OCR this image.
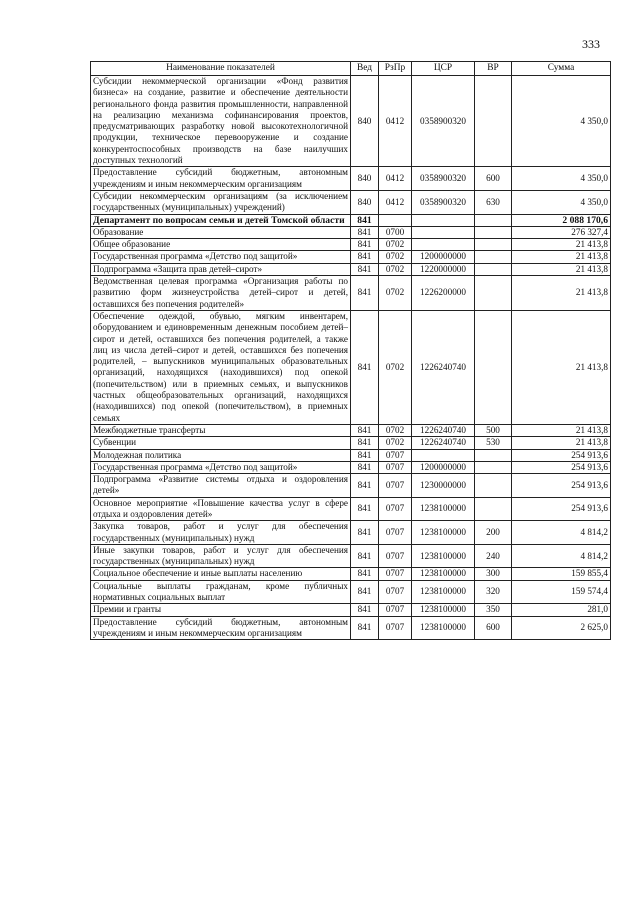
333
Наименование показателей	Вед	РзПр	ЦСР	ВР	Сумма
Субсидии некоммерческой организации «Фонд развития бизнеса» на создание, развитие и обеспечение деятельности регионального фонда развития промышленности, направленной на реализацию механизма софинансирования проектов, предусматривающих разработку новой высокотехнологичной продукции, техническое перевооружение и создание конкурентоспособных производств на базе наилучших доступных технологий	840	0412	0358900320		4 350,0
Предоставление субсидий бюджетным, автономным учреждениям и иным некоммерческим организациям	840	0412	0358900320	600	4 350,0
Субсидии некоммерческим организациям (за исключением государственных (муниципальных) учреждений)	840	0412	0358900320	630	4 350,0
Департамент по вопросам семьи и детей Томской области	841				2 088 170,6
Образование	841	0700			276 327,4
Общее образование	841	0702			21 413,8
Государственная программа «Детство под защитой»	841	0702	1200000000		21 413,8
Подпрограмма «Защита прав детей–сирот»	841	0702	1220000000		21 413,8
Ведомственная целевая программа «Организация работы по развитию форм жизнеустройства детей–сирот и детей, оставшихся без попечения родителей»	841	0702	1226200000		21 413,8
Обеспечение одеждой, обувью, мягким инвентарем, оборудованием и единовременным денежным пособием детей–сирот и детей, оставшихся без попечения родителей, а также лиц из числа детей–сирот и детей, оставшихся без попечения родителей, – выпускников муниципальных образовательных организаций, находящихся (находившихся) под опекой (попечительством) или в приемных семьях, и выпускников частных общеобразовательных организаций, находящихся (находившихся) под опекой (попечительством), в приемных семьях	841	0702	1226240740		21 413,8
Межбюджетные трансферты	841	0702	1226240740	500	21 413,8
Субвенции	841	0702	1226240740	530	21 413,8
Молодежная политика	841	0707			254 913,6
Государственная программа «Детство под защитой»	841	0707	1200000000		254 913,6
Подпрограмма «Развитие системы отдыха и оздоровления детей»	841	0707	1230000000		254 913,6
Основное мероприятие «Повышение качества услуг в сфере отдыха и оздоровления детей»	841	0707	1238100000		254 913,6
Закупка товаров, работ и услуг для обеспечения государственных (муниципальных) нужд	841	0707	1238100000	200	4 814,2
Иные закупки товаров, работ и услуг для обеспечения государственных (муниципальных) нужд	841	0707	1238100000	240	4 814,2
Социальное обеспечение и иные выплаты населению	841	0707	1238100000	300	159 855,4
Социальные выплаты гражданам, кроме публичных нормативных социальных выплат	841	0707	1238100000	320	159 574,4
Премии и гранты	841	0707	1238100000	350	281,0
Предоставление субсидий бюджетным, автономным учреждениям и иным некоммерческим организациям	841	0707	1238100000	600	2 625,0
